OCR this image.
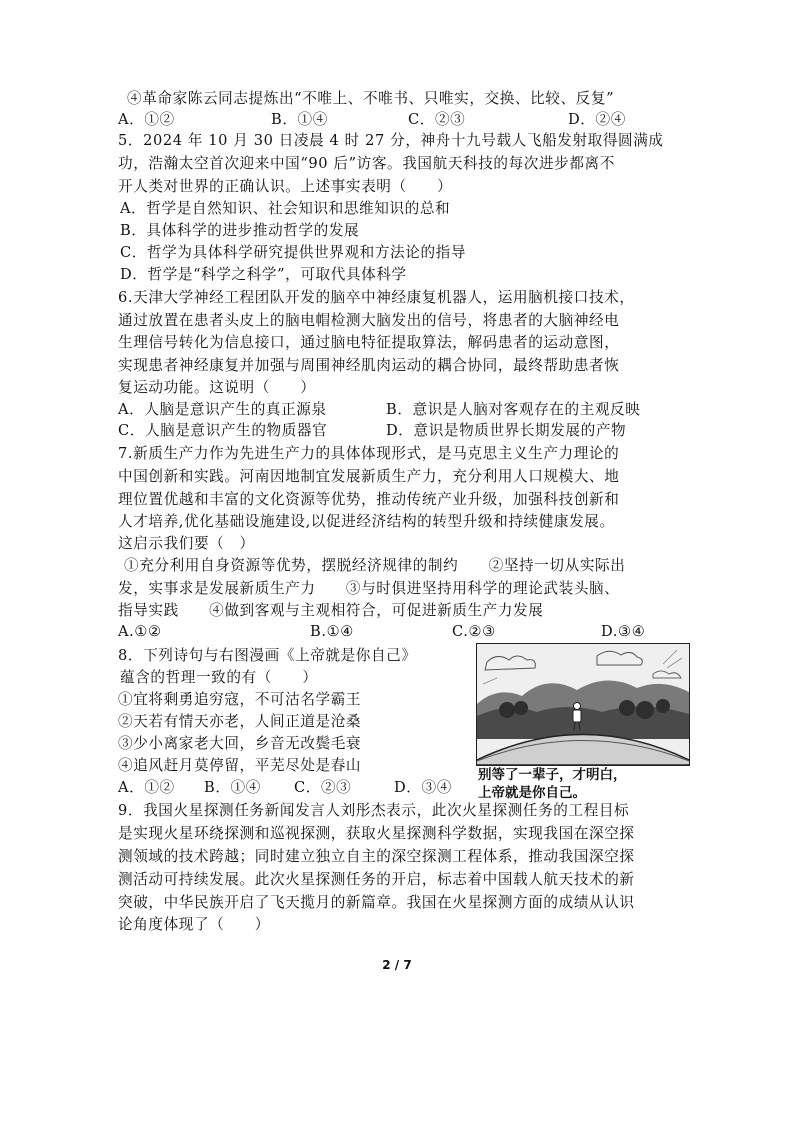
④革命家陈云同志提炼出“不唯上、不唯书、只唯实，交换、比较、反复”
A．①②	B．①④	C．②③	D．②④
5．2024 年 10 月 30 日凌晨 4 时 27 分，神舟十九号载人飞船发射取得圆满成
功，浩瀚太空首次迎来中国“90 后”访客。我国航天科技的每次进步都离不
开人类对世界的正确认识。上述事实表明（　　）
A．哲学是自然知识、社会知识和思维知识的总和
B．具体科学的进步推动哲学的发展
C．哲学为具体科学研究提供世界观和方法论的指导
D．哲学是“科学之科学”，可取代具体科学
6.天津大学神经工程团队开发的脑卒中神经康复机器人，运用脑机接口技术，
通过放置在患者头皮上的脑电帽检测大脑发出的信号，将患者的大脑神经电
生理信号转化为信息接口，通过脑电特征提取算法，解码患者的运动意图，
实现患者神经康复并加强与周围神经肌肉运动的耦合协同，最终帮助患者恢
复运动功能。这说明（　　）
A．人脑是意识产生的真正源泉	B．意识是人脑对客观存在的主观反映
C．人脑是意识产生的物质器官	D．意识是物质世界长期发展的产物
7.新质生产力作为先进生产力的具体体现形式，是马克思主义生产力理论的
中国创新和实践。河南因地制宜发展新质生产力，充分利用人口规模大、地
理位置优越和丰富的文化资源等优势，推动传统产业升级，加强科技创新和
人才培养,优化基础设施建设,以促进经济结构的转型升级和持续健康发展。
这启示我们要（　）
①充分利用自身资源等优势，摆脱经济规律的制约　　②坚持一切从实际出
发，实事求是发展新质生产力　　③与时俱进坚持用科学的理论武装头脑、
指导实践　　④做到客观与主观相符合，可促进新质生产力发展
A.①②	B.①④	C.②③	D.③④
8．下列诗句与右图漫画《上帝就是你自己》
蕴含的哲理一致的有（　　）
①宜将剩勇追穷寇，不可沽名学霸王
②天若有情天亦老，人间正道是沧桑
③少小离家老大回，乡音无改鬓毛衰
④追风赶月莫停留，平芜尽处是春山
A．①② B．①④ C．②③	D．③④
别等了一辈子，才明白，
上帝就是你自己。
9．我国火星探测任务新闻发言人刘彤杰表示，此次火星探测任务的工程目标
是实现火星环绕探测和巡视探测，获取火星探测科学数据，实现我国在深空探
测领域的技术跨越；同时建立独立自主的深空探测工程体系，推动我国深空探
测活动可持续发展。此次火星探测任务的开启，标志着中国载人航天技术的新
突破，中华民族开启了飞天揽月的新篇章。我国在火星探测方面的成绩从认识
论角度体现了（　　）
2 / 7
